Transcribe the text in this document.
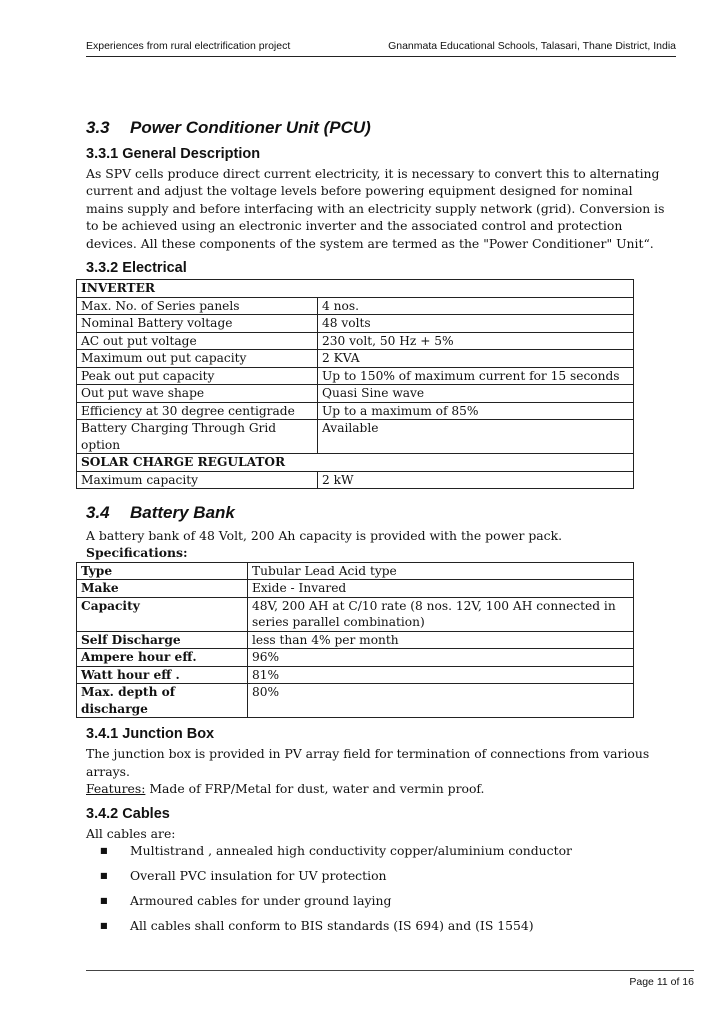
Experiences from rural electrification project	Gnanmata Educational Schools, Talasari, Thane District, India
3.3 Power Conditioner Unit (PCU)
3.3.1 General Description

As SPV cells produce direct current electricity, it is necessary to convert this to alternating current and adjust the voltage levels before powering equipment designed for nominal mains supply and before interfacing with an electricity supply network (grid). Conversion is to be achieved using an electronic inverter and the associated control and protection devices. All these components of the system are termed as the "Power Conditioner" Unit“.

3.3.2 Electrical
INVERTER	
Max. No. of Series panels	4 nos.
Nominal Battery voltage	48 volts
AC out put voltage	230 volt, 50 Hz + 5%
Maximum out put capacity	2 KVA
Peak out put capacity	Up to 150% of maximum current for 15 seconds
Out put wave shape	Quasi Sine wave
Efficiency at 30 degree centigrade	Up to a maximum of 85%
Battery Charging Through Grid option	Available
SOLAR CHARGE REGULATOR	
Maximum capacity	2 kW
3.4 Battery Bank

A battery bank of 48 Volt, 200 Ah capacity is provided with the power pack.

Specifications:

Type	Tubular Lead Acid type
Make	Exide - Invared
Capacity	48V, 200 AH at C/10 rate (8 nos. 12V, 100 AH connected in series parallel combination)
Self Discharge	less than 4% per month
Ampere hour eff.	96%
Watt hour eff .	81%
Max. depth of discharge	80%
3.4.1 Junction Box

The junction box is provided in PV array field for termination of connections from various arrays.

Features: Made of FRP/Metal for dust, water and vermin proof.

3.4.2 Cables

All cables are:

■ Multistrand , annealed high conductivity copper/aluminium conductor
■ Overall PVC insulation for UV protection
■ Armoured cables for under ground laying
■ All cables shall conform to BIS standards (IS 694) and (IS 1554)
Page 11 of 16
